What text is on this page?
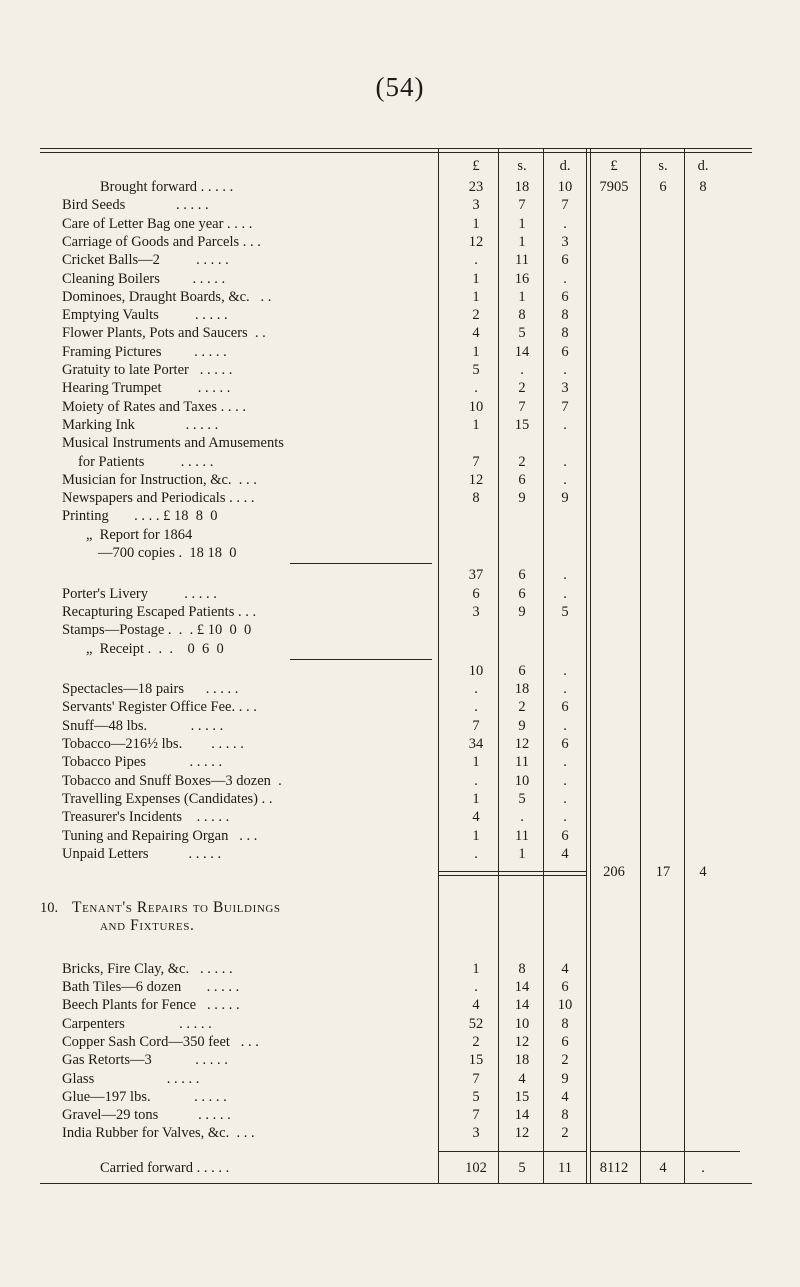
(54)
£	s.	d.	£	s.	d.
Brought forward . . . . .	23	18	10	7905	6	8
Bird Seeds              . . . . .	3	7	7
Care of Letter Bag one year . . . .	1	1	.
Carriage of Goods and Parcels . . .	12	1	3
Cricket Balls—2          . . . . .	.	11	6
Cleaning Boilers         . . . . .	1	16	.
Dominoes, Draught Boards, &c.   . .	1	1	6
Emptying Vaults          . . . . .	2	8	8
Flower Plants, Pots and Saucers  . .	4	5	8
Framing Pictures         . . . . .	1	14	6
Gratuity to late Porter   . . . . .	5	.	.
Hearing Trumpet          . . . . .	.	2	3
Moiety of Rates and Taxes . . . .	10	7	7
Marking Ink              . . . . .	1	15	.
Musical Instruments and Amusements
for Patients          . . . . .	7	2	.
Musician for Instruction, &c.  . . .	12	6	.
Newspapers and Periodicals . . . .	8	9	9
Printing       . . . . £ 18  8  0
„  Report for 1864
—700 copies .  18 18  0
37	6	.
Porter's Livery          . . . . .	6	6	.
Recapturing Escaped Patients . . .	3	9	5
Stamps—Postage .  .  . £ 10  0  0
„  Receipt .  .  .    0  6  0
10	6	.
Spectacles—18 pairs      . . . . .	.	18	.
Servants' Register Office Fee. . . .	.	2	6
Snuff—48 lbs.            . . . . .	7	9	.
Tobacco—216½ lbs.        . . . . .	34	12	6
Tobacco Pipes            . . . . .	1	11	.
Tobacco and Snuff Boxes—3 dozen  .	.	10	.
Travelling Expenses (Candidates) . .	1	5	.
Treasurer's Incidents    . . . . .	4	.	.
Tuning and Repairing Organ   . . .	1	11	6
Unpaid Letters           . . . . .	.	1	4
206	17	4
10. Tenant's Repairs to Buildings
and Fixtures.
Bricks, Fire Clay, &c.   . . . . .	1	8	4
Bath Tiles—6 dozen       . . . . .	.	14	6
Beech Plants for Fence   . . . . .	4	14	10
Carpenters               . . . . .	52	10	8
Copper Sash Cord—350 feet   . . .	2	12	6
Gas Retorts—3            . . . . .	15	18	2
Glass                    . . . . .	7	4	9
Glue—197 lbs.            . . . . .	5	15	4
Gravel—29 tons           . . . . .	7	14	8
India Rubber for Valves, &c.  . . .	3	12	2
Carried forward . . . . .	102	5	11	8112	4	.
